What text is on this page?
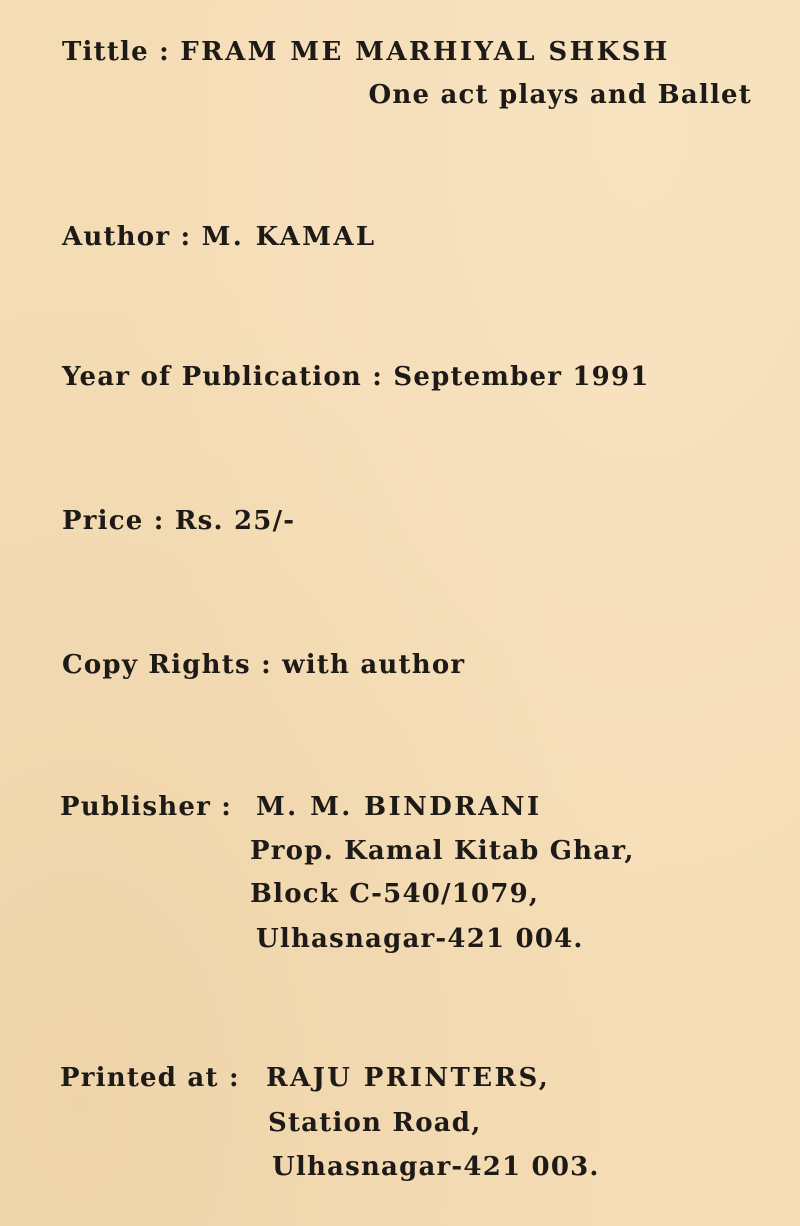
Tittle : FRAM ME MARHIYAL SHKSH
One act plays and Ballet
Author : M. KAMAL
Year of Publication : September 1991
Price : Rs. 25/-
Copy Rights : with author
Publisher : M. M. BINDRANI
Prop. Kamal Kitab Ghar,
Block C-540/1079,
Ulhasnagar-421 004.
Printed at : RAJU PRINTERS,
Station Road,
Ulhasnagar-421 003.
